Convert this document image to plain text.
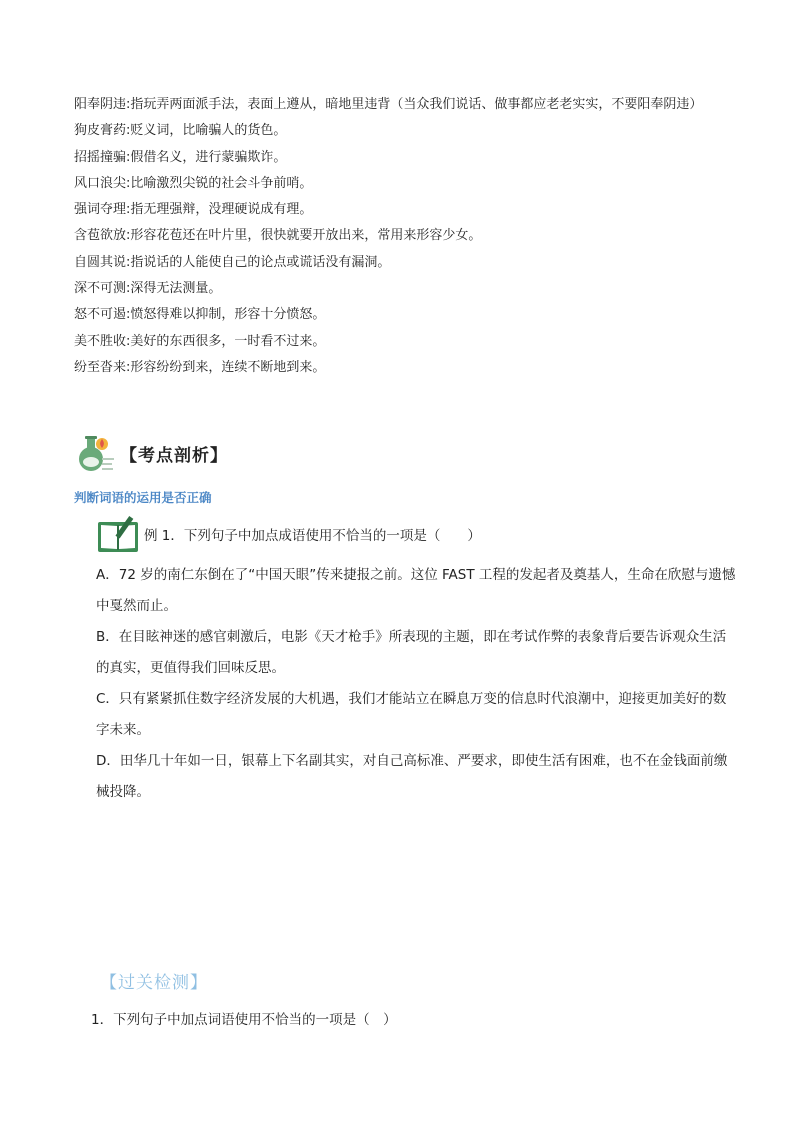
阳奉阴违:指玩弄两面派手法，表面上遵从，暗地里违背（当众我们说话、做事都应老老实实，不要阳奉阴违）

狗皮膏药:贬义词，比喻骗人的货色。

招摇撞骗:假借名义，进行蒙骗欺诈。

风口浪尖:比喻激烈尖锐的社会斗争前哨。

强词夺理:指无理强辩，没理硬说成有理。

含苞欲放:形容花苞还在叶片里，很快就要开放出来，常用来形容少女。

自圆其说:指说话的人能使自己的论点或谎话没有漏洞。

深不可测:深得无法测量。

怒不可遏:愤怒得难以抑制，形容十分愤怒。

美不胜收:美好的东西很多，一时看不过来。

纷至沓来:形容纷纷到来，连续不断地到来。

【考点剖析】
判断词语的运用是否正确
例 1．下列句子中加点成语使用不恰当的一项是（　　）

A．72 岁的南仁东倒在了“中国天眼”传来捷报之前。这位 FAST 工程的发起者及奠基人，生命在欣慰与遗憾中戛然而止。

B．在目眩神迷的感官刺激后，电影《天才枪手》所表现的主题，即在考试作弊的表象背后要告诉观众生活的真实，更值得我们回味反思。

C．只有紧紧抓住数字经济发展的大机遇，我们才能站立在瞬息万变的信息时代浪潮中，迎接更加美好的数字未来。

D．田华几十年如一日，银幕上下名副其实，对自己高标准、严要求，即使生活有困难，也不在金钱面前缴械投降。

【过关检测】
1．下列句子中加点词语使用不恰当的一项是（　）
